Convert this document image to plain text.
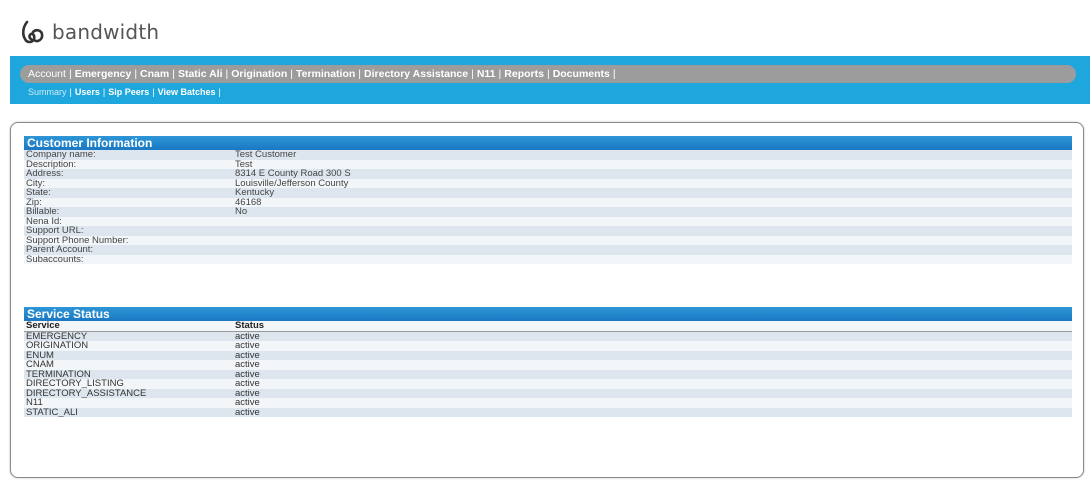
bandwidth
Account | Emergency | Cnam | Static Ali | Origination | Termination | Directory Assistance | N11 | Reports | Documents |
Summary | Users | Sip Peers | View Batches |
Customer Information
Company name:	Test Customer
Description:	Test
Address:	8314 E County Road 300 S
City:	Louisville/Jefferson County
State:	Kentucky
Zip:	46168
Billable:	No
Nena Id:	
Support URL:	
Support Phone Number:	
Parent Account:	
Subaccounts:	
Service Status
Service	Status
EMERGENCY	active
ORIGINATION	active
ENUM	active
CNAM	active
TERMINATION	active
DIRECTORY_LISTING	active
DIRECTORY_ASSISTANCE	active
N11	active
STATIC_ALI	active
